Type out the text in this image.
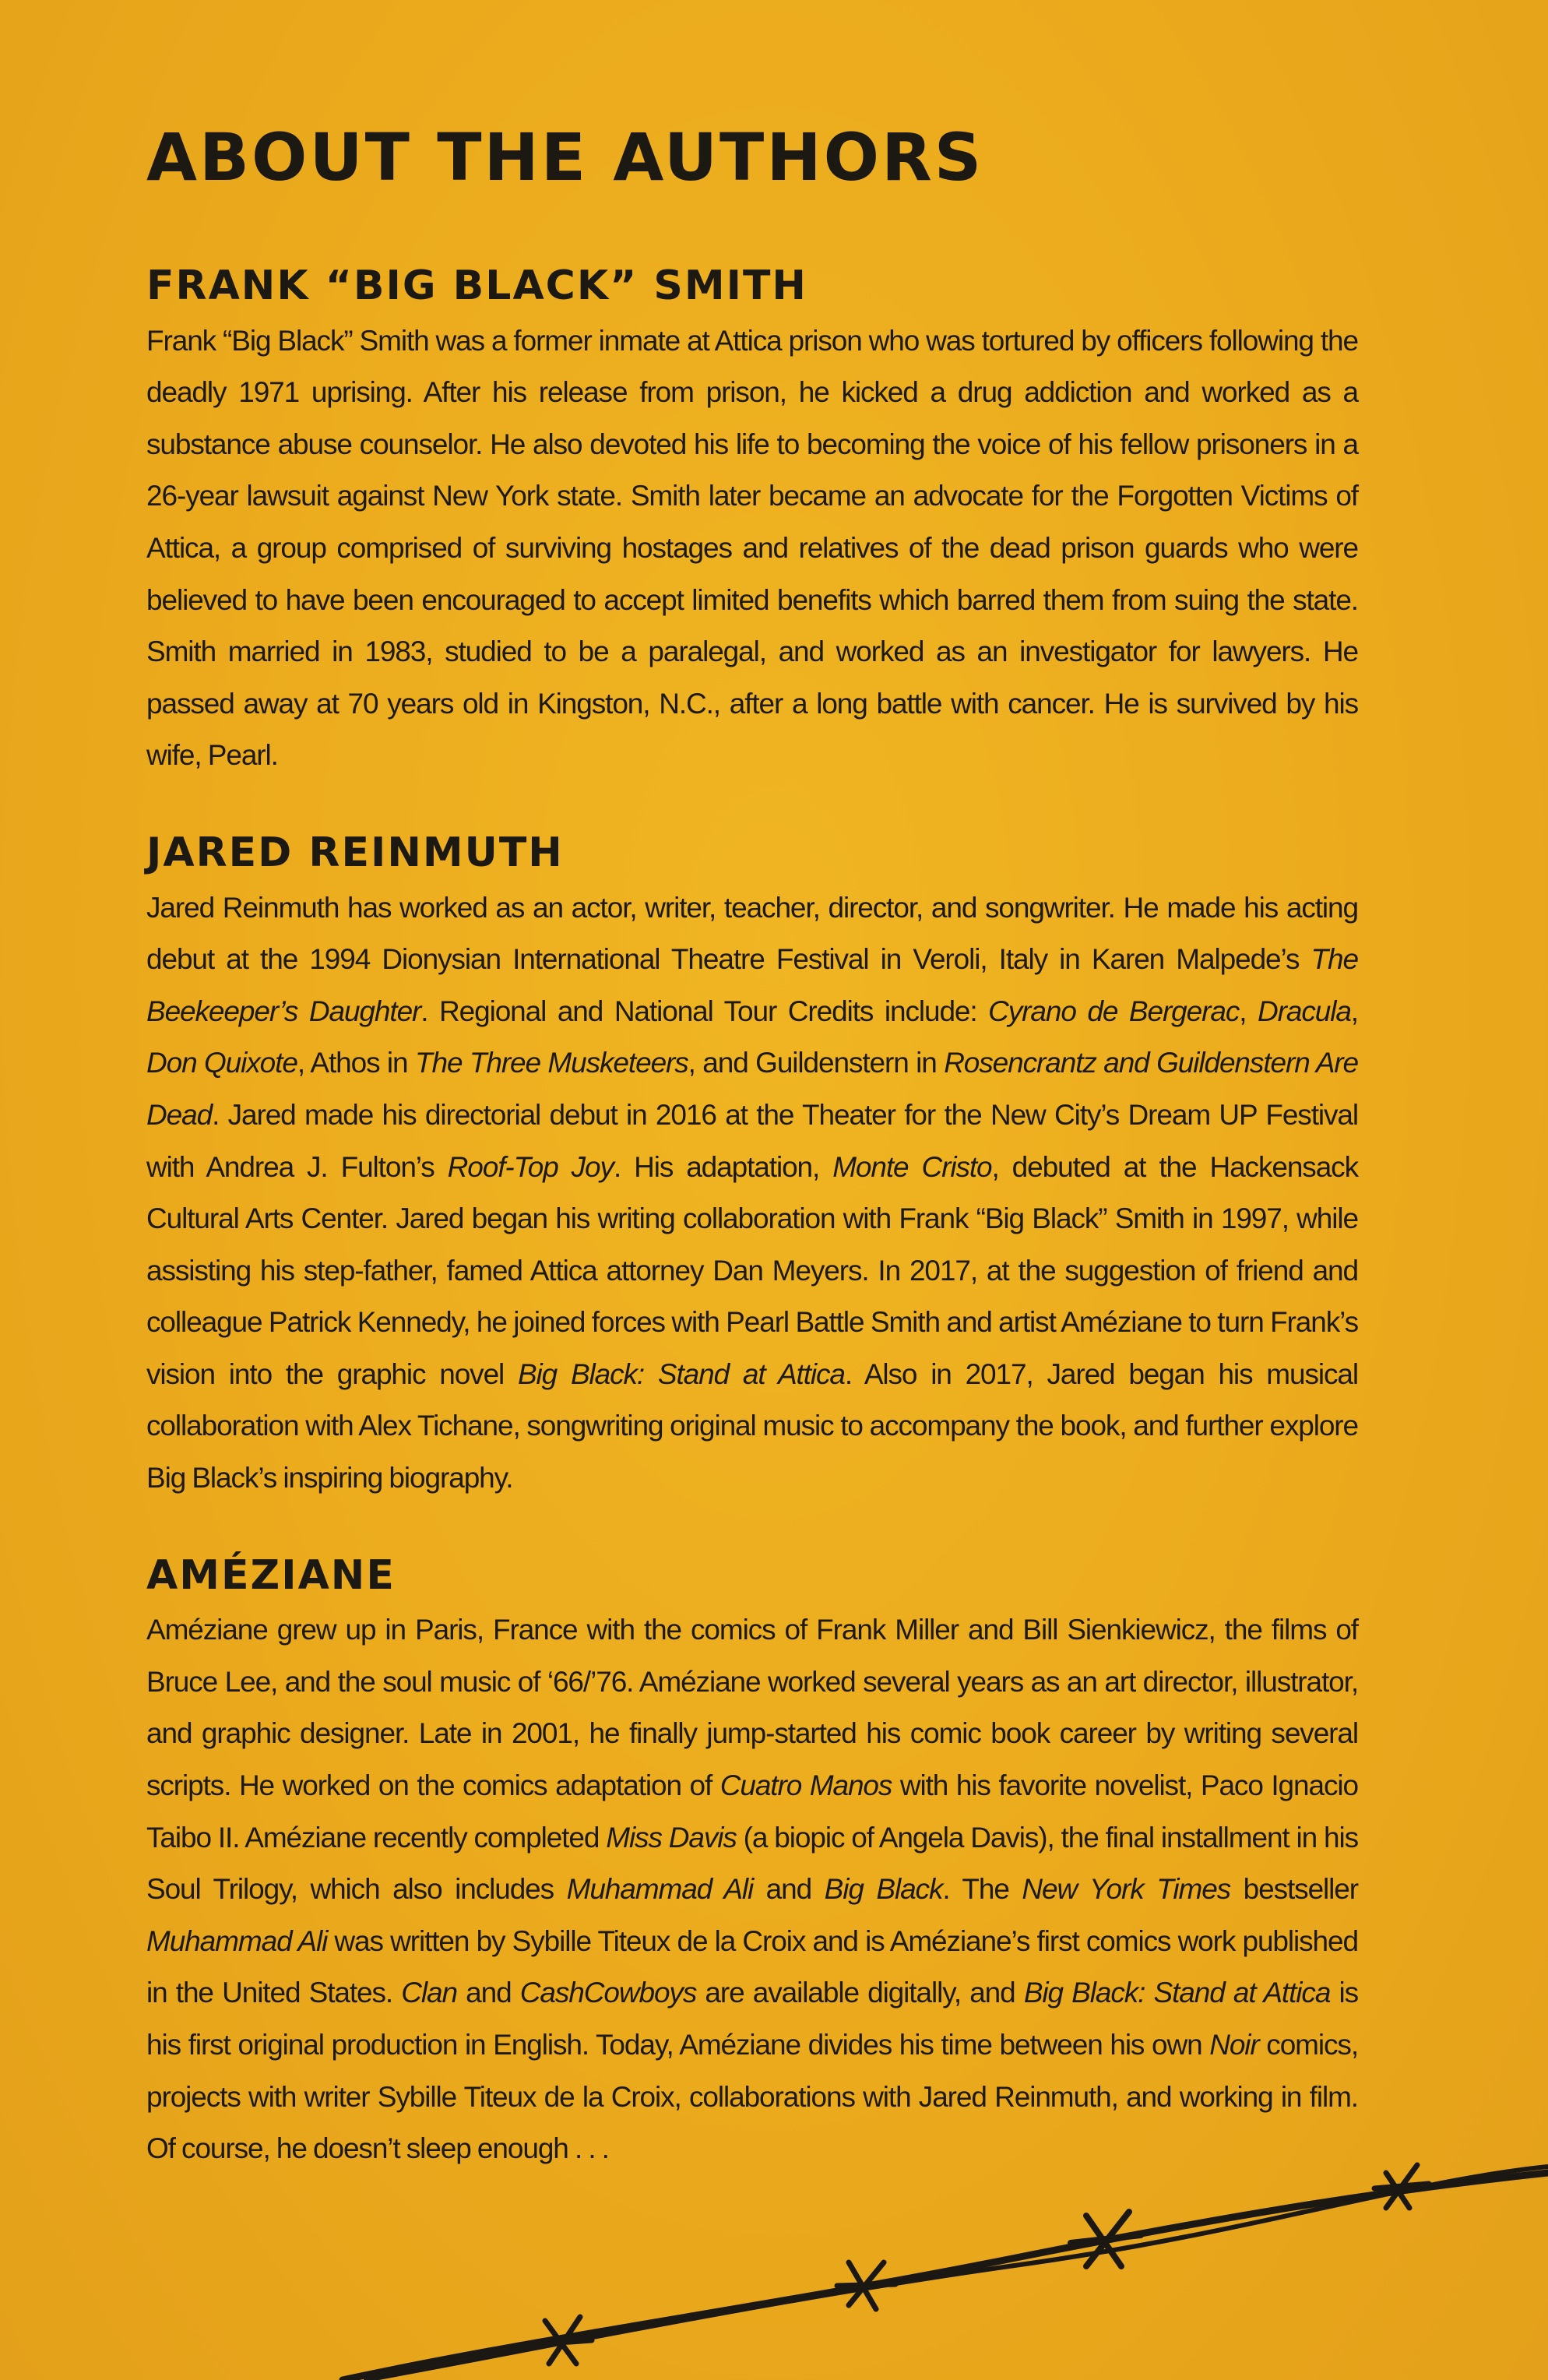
ABOUT THE AUTHORS
FRANK “BIG BLACK” SMITH

Frank “Big Black” Smith was a former inmate at Attica prison who was tortured by officers following the deadly 1971 uprising. After his release from prison, he kicked a drug addiction and worked as a substance abuse counselor. He also devoted his life to becoming the voice of his fellow prisoners in a 26-year lawsuit against New York state. Smith later became an advocate for the Forgotten Victims of Attica, a group comprised of surviving hostages and relatives of the dead prison guards who were believed to have been encouraged to accept limited benefits which barred them from suing the state. Smith married in 1983, studied to be a paralegal, and worked as an investigator for lawyers. He passed away at 70 years old in Kingston, N.C., after a long battle with cancer. He is survived by his wife, Pearl.

JARED REINMUTH

Jared Reinmuth has worked as an actor, writer, teacher, director, and songwriter. He made his acting debut at the 1994 Dionysian International Theatre Festival in Veroli, Italy in Karen Malpede’s The Beekeeper’s Daughter. Regional and National Tour Credits include: Cyrano de Bergerac, Dracula, Don Quixote, Athos in The Three Musketeers, and Guildenstern in Rosencrantz and Guildenstern Are Dead. Jared made his directorial debut in 2016 at the Theater for the New City’s Dream UP Festival with Andrea J. Fulton’s Roof-Top Joy. His adaptation, Monte Cristo, debuted at the Hackensack Cultural Arts Center. Jared began his writing collaboration with Frank “Big Black” Smith in 1997, while assisting his step-father, famed Attica attorney Dan Meyers. In 2017, at the suggestion of friend and colleague Patrick Kennedy, he joined forces with Pearl Battle Smith and artist Améziane to turn Frank’s vision into the graphic novel Big Black: Stand at Attica. Also in 2017, Jared began his musical collaboration with Alex Tichane, songwriting original music to accompany the book, and further explore Big Black’s inspiring biography.

AMÉZIANE

Améziane grew up in Paris, France with the comics of Frank Miller and Bill Sienkiewicz, the films of Bruce Lee, and the soul music of ‘66/’76. Améziane worked several years as an art director, illustrator, and graphic designer. Late in 2001, he finally jump-started his comic book career by writing several scripts. He worked on the comics adaptation of Cuatro Manos with his favorite novelist, Paco Ignacio Taibo II. Améziane recently completed Miss Davis (a biopic of Angela Davis), the final installment in his Soul Trilogy, which also includes Muhammad Ali and Big Black. The New York Times bestseller Muhammad Ali was written by Sybille Titeux de la Croix and is Améziane’s first comics work published in the United States. Clan and CashCowboys are available digitally, and Big Black: Stand at Attica is his first original production in English. Today, Améziane divides his time between his own Noir comics, projects with writer Sybille Titeux de la Croix, collaborations with Jared Reinmuth, and working in film. Of course, he doesn’t sleep enough . . .
